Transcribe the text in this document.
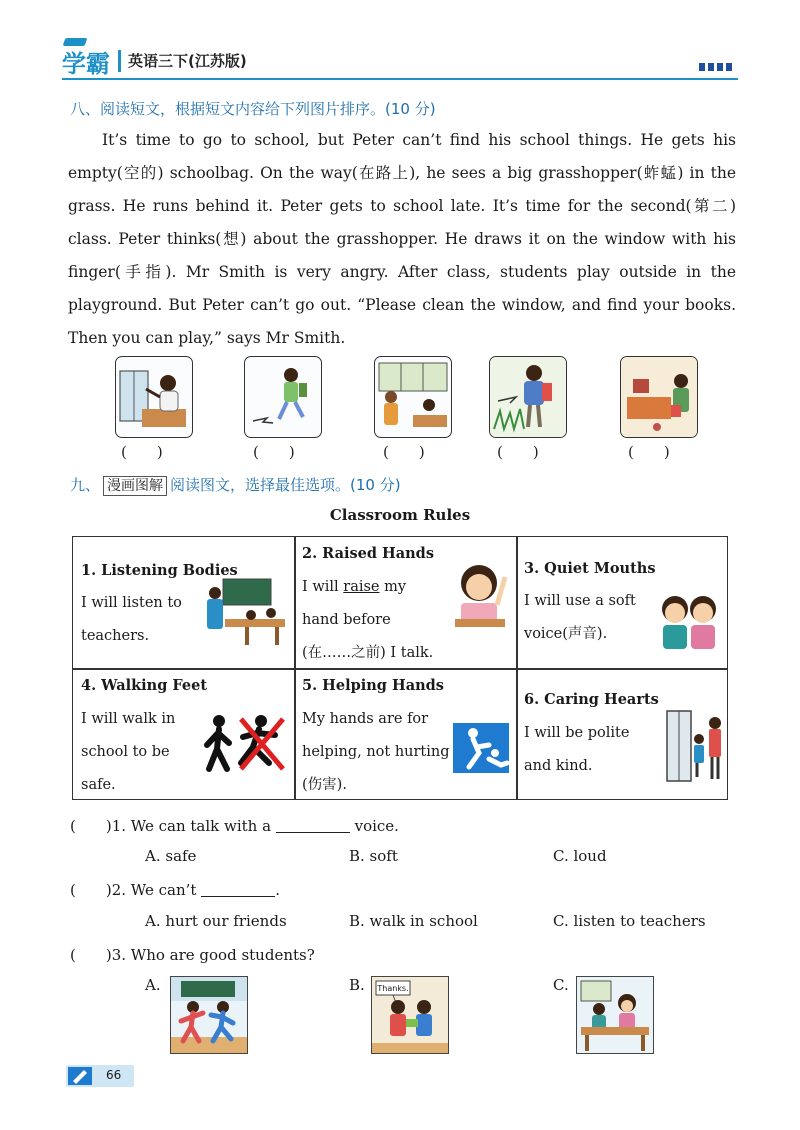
学霸 英语三下(江苏版)
八、阅读短文，根据短文内容给下列图片排序。(10 分)
It’s time to go to school, but Peter can’t find his school things. He gets his empty(空的) schoolbag. On the way(在路上), he sees a big grasshopper(蚱蜢) in the grass. He runs behind it. Peter gets to school late. It’s time for the second(第二) class. Peter thinks(想) about the grasshopper. He draws it on the window with his finger(手指). Mr Smith is very angry. After class, students play outside in the playground. But Peter can’t go out. “Please clean the window, and find your books. Then you can play,” says Mr Smith.
(　　)	(　　)	(　　)	(　　)	(　　)
九、 漫画图解 阅读图文，选择最佳选项。(10 分)
Classroom Rules
1. Listening Bodies
I will listen to teachers.
2. Raised Hands
I will raise my hand before (在……之前) I talk.
3. Quiet Mouths
I will use a soft voice(声音).
4. Walking Feet
I will walk in school to be safe.
5. Helping Hands
My hands are for helping, not hurting (伤害).
6. Caring Hearts
I will be polite and kind.
(　　)1. We can talk with a	voice.
A. safe	B. soft	C. loud
(　　)2. We can’t	.
A. hurt our friends	B. walk in school	C. listen to teachers
(　　)3. Who are good students?
A.	B.	C.
Thanks.
66
